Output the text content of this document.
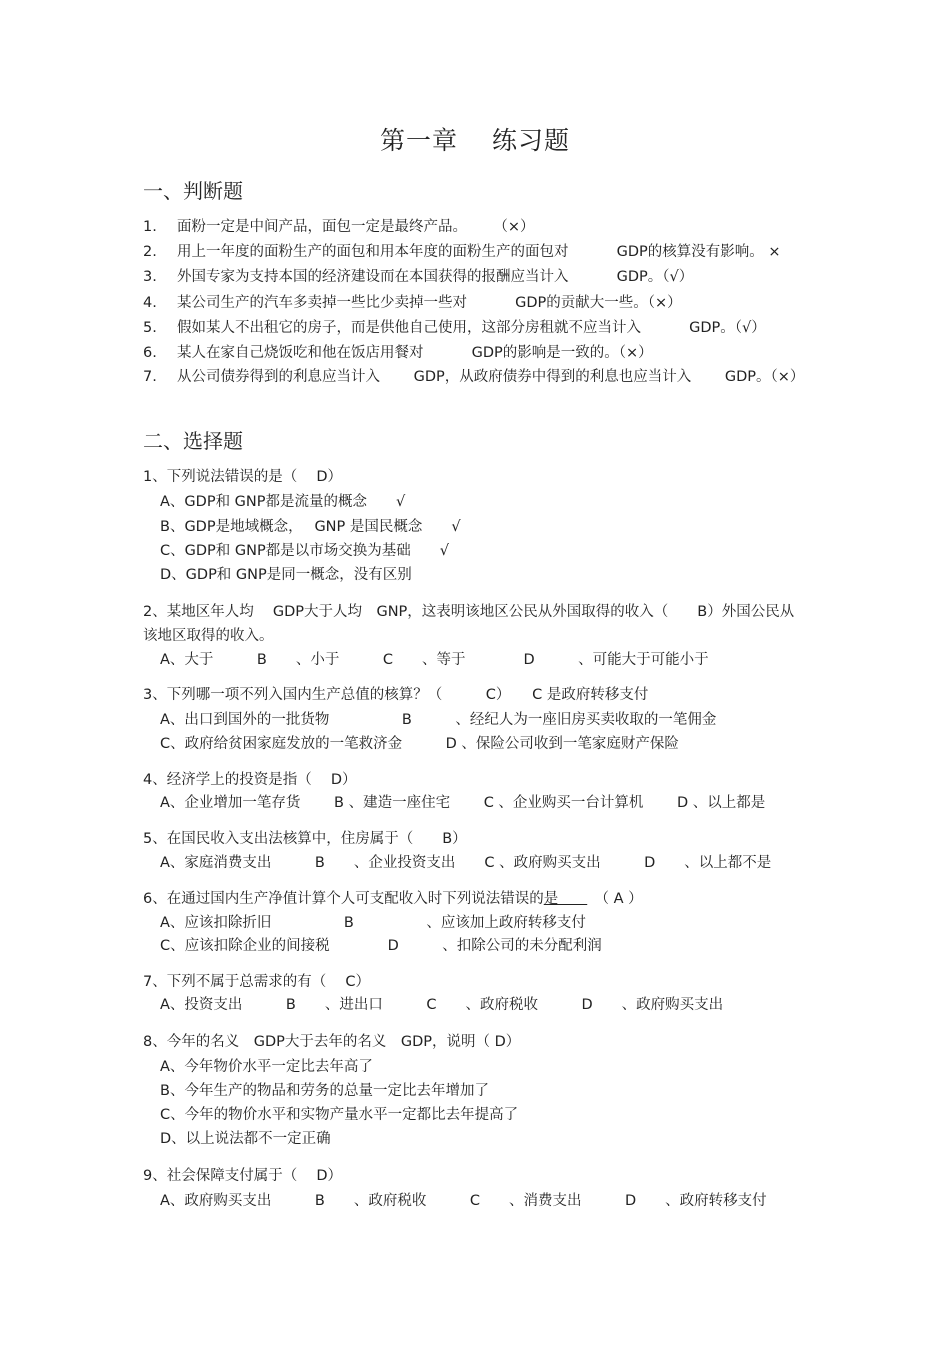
第一章 练习题
一、判断题
1. 面粉一定是中间产品，面包一定是最终产品。　　 （×）
2. 用上一年度的面粉生产的面包和用本年度的面粉生产的面包对　　　 GDP的核算没有影响。 ×
3. 外国专家为支持本国的经济建设而在本国获得的报酬应当计入　　　 GDP。（√）
4. 某公司生产的汽车多卖掉一些比少卖掉一些对　　　 GDP的贡献大一些。（×）
5. 假如某人不出租它的房子，而是供他自己使用，这部分房租就不应当计入　　　 GDP。（√）
6. 某人在家自己烧饭吃和他在饭店用餐对　　　 GDP的影响是一致的。（×）
7. 从公司债券得到的利息应当计入　　 GDP，从政府债券中得到的利息也应当计入　　 GDP。（×）
二、选择题
1、下列说法错误的是（　 D）
A、GDP和 GNP都是流量的概念　　√
B、GDP是地域概念，　 GNP 是国民概念　　√
C、GDP和 GNP都是以市场交换为基础　　√
D、GDP和 GNP是同一概念，没有区别
2、某地区年人均　 GDP大于人均　GNP，这表明该地区公民从外国取得的收入（　　B）外国公民从
该地区取得的收入。
A、大于　　　B　　、小于　　　C　　、等于　　　　D　　　、可能大于可能小于
3、下列哪一项不列入国内生产总值的核算？（　　　C）　　C 是政府转移支付
A、出口到国外的一批货物　　　　　B　　　、经纪人为一座旧房买卖收取的一笔佣金
C、政府给贫困家庭发放的一笔救济金　　　D 、保险公司收到一笔家庭财产保险
4、经济学上的投资是指（　 D）
A、企业增加一笔存货　　 B 、建造一座住宅　　 C 、企业购买一台计算机　　 D 、以上都是
5、在国民收入支出法核算中，住房属于（　　B）
A、家庭消费支出　　　B　　、企业投资支出　　C 、政府购买支出　　　D　　、以上都不是
6、在通过国内生产净值计算个人可支配收入时下列说法错误的是　　　（ A ）
A、应该扣除折旧　　　　　B　　　　　、应该加上政府转移支付
C、应该扣除企业的间接税　　　　D　　　、扣除公司的未分配利润
7、下列不属于总需求的有（　 C）
A、投资支出　　　B　　、进出口　　　C　　、政府税收　　　D　　、政府购买支出
8、今年的名义　GDP大于去年的名义　GDP，说明（ D）
A、今年物价水平一定比去年高了
B、今年生产的物品和劳务的总量一定比去年增加了
C、今年的物价水平和实物产量水平一定都比去年提高了
D、以上说法都不一定正确
9、社会保障支付属于（　 D）
A、政府购买支出　　　B　　、政府税收　　　C　　、消费支出　　　D　　、政府转移支付
